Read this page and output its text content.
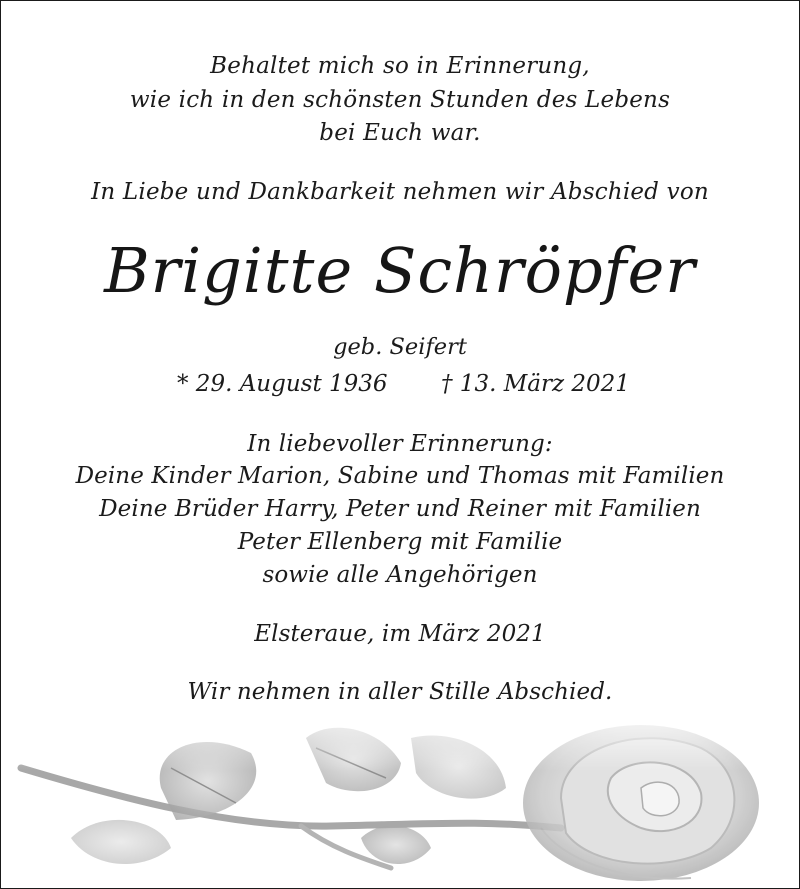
Behaltet mich so in Erinnerung,

wie ich in den schönsten Stunden des Lebens

bei Euch war.

In Liebe und Dankbarkeit nehmen wir Abschied von

Brigitte Schröpfer

geb. Seifert

* 29. August 1936 † 13. März 2021

In liebevoller Erinnerung:

Deine Kinder Marion, Sabine und Thomas mit Familien

Deine Brüder Harry, Peter und Reiner mit Familien

Peter Ellenberg mit Familie

sowie alle Angehörigen

Elsteraue, im März 2021

Wir nehmen in aller Stille Abschied.
